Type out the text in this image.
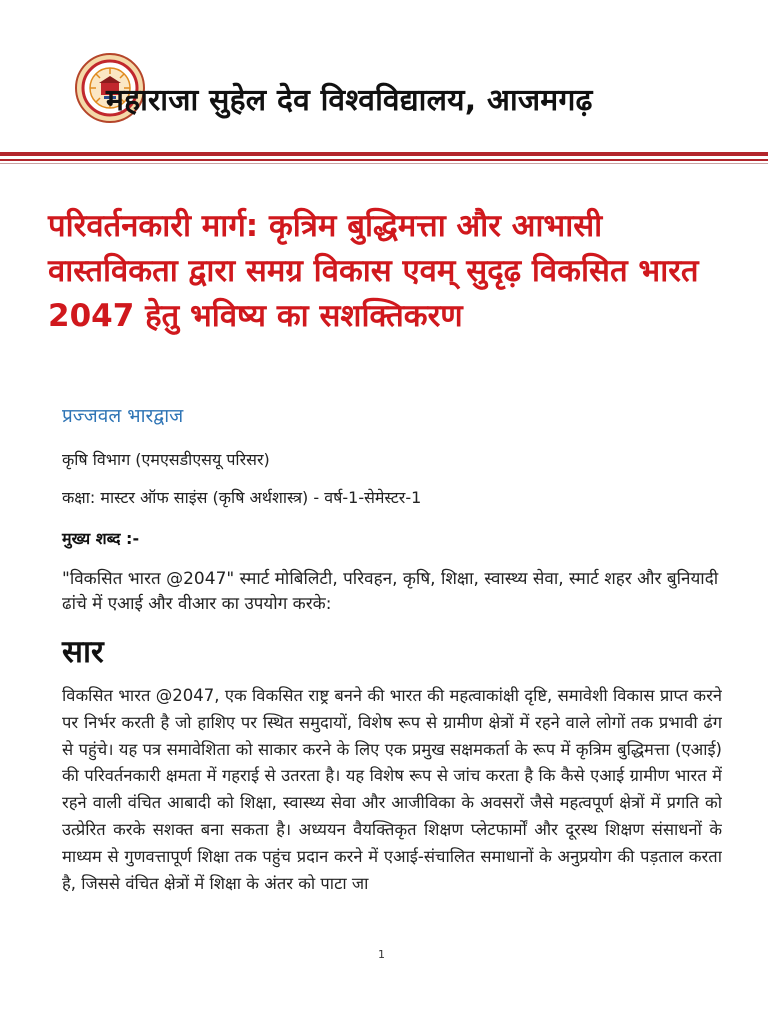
महाराजा सुहेल देव विश्वविद्यालय, आजमगढ़
परिवर्तनकारी मार्ग: कृत्रिम बुद्धिमत्ता और आभासी वास्तविकता द्वारा समग्र विकास एवम् सुदृढ़ विकसित भारत 2047 हेतु भविष्य का सशक्तिकरण

प्रज्जवल भारद्वाज

कृषि विभाग (एमएसडीएसयू परिसर)

कक्षा: मास्टर ऑफ साइंस (कृषि अर्थशास्त्र) - वर्ष-1-सेमेस्टर-1

मुख्य शब्द :-

"विकसित भारत @2047" स्मार्ट मोबिलिटी, परिवहन, कृषि, शिक्षा, स्वास्थ्य सेवा, स्मार्ट शहर और बुनियादी ढांचे में एआई और वीआर का उपयोग करके:

सार

विकसित भारत @2047, एक विकसित राष्ट्र बनने की भारत की महत्वाकांक्षी दृष्टि, समावेशी विकास प्राप्त करने पर निर्भर करती है जो हाशिए पर स्थित समुदायों, विशेष रूप से ग्रामीण क्षेत्रों में रहने वाले लोगों तक प्रभावी ढंग से पहुंचे। यह पत्र समावेशिता को साकार करने के लिए एक प्रमुख सक्षमकर्ता के रूप में कृत्रिम बुद्धिमत्ता (एआई) की परिवर्तनकारी क्षमता में गहराई से उतरता है। यह विशेष रूप से जांच करता है कि कैसे एआई ग्रामीण भारत में रहने वाली वंचित आबादी को शिक्षा, स्वास्थ्य सेवा और आजीविका के अवसरों जैसे महत्वपूर्ण क्षेत्रों में प्रगति को उत्प्रेरित करके सशक्त बना सकता है। अध्ययन वैयक्तिकृत शिक्षण प्लेटफार्मों और दूरस्थ शिक्षण संसाधनों के माध्यम से गुणवत्तापूर्ण शिक्षा तक पहुंच प्रदान करने में एआई-संचालित समाधानों के अनुप्रयोग की पड़ताल करता है, जिससे वंचित क्षेत्रों में शिक्षा के अंतर को पाटा जा

1
